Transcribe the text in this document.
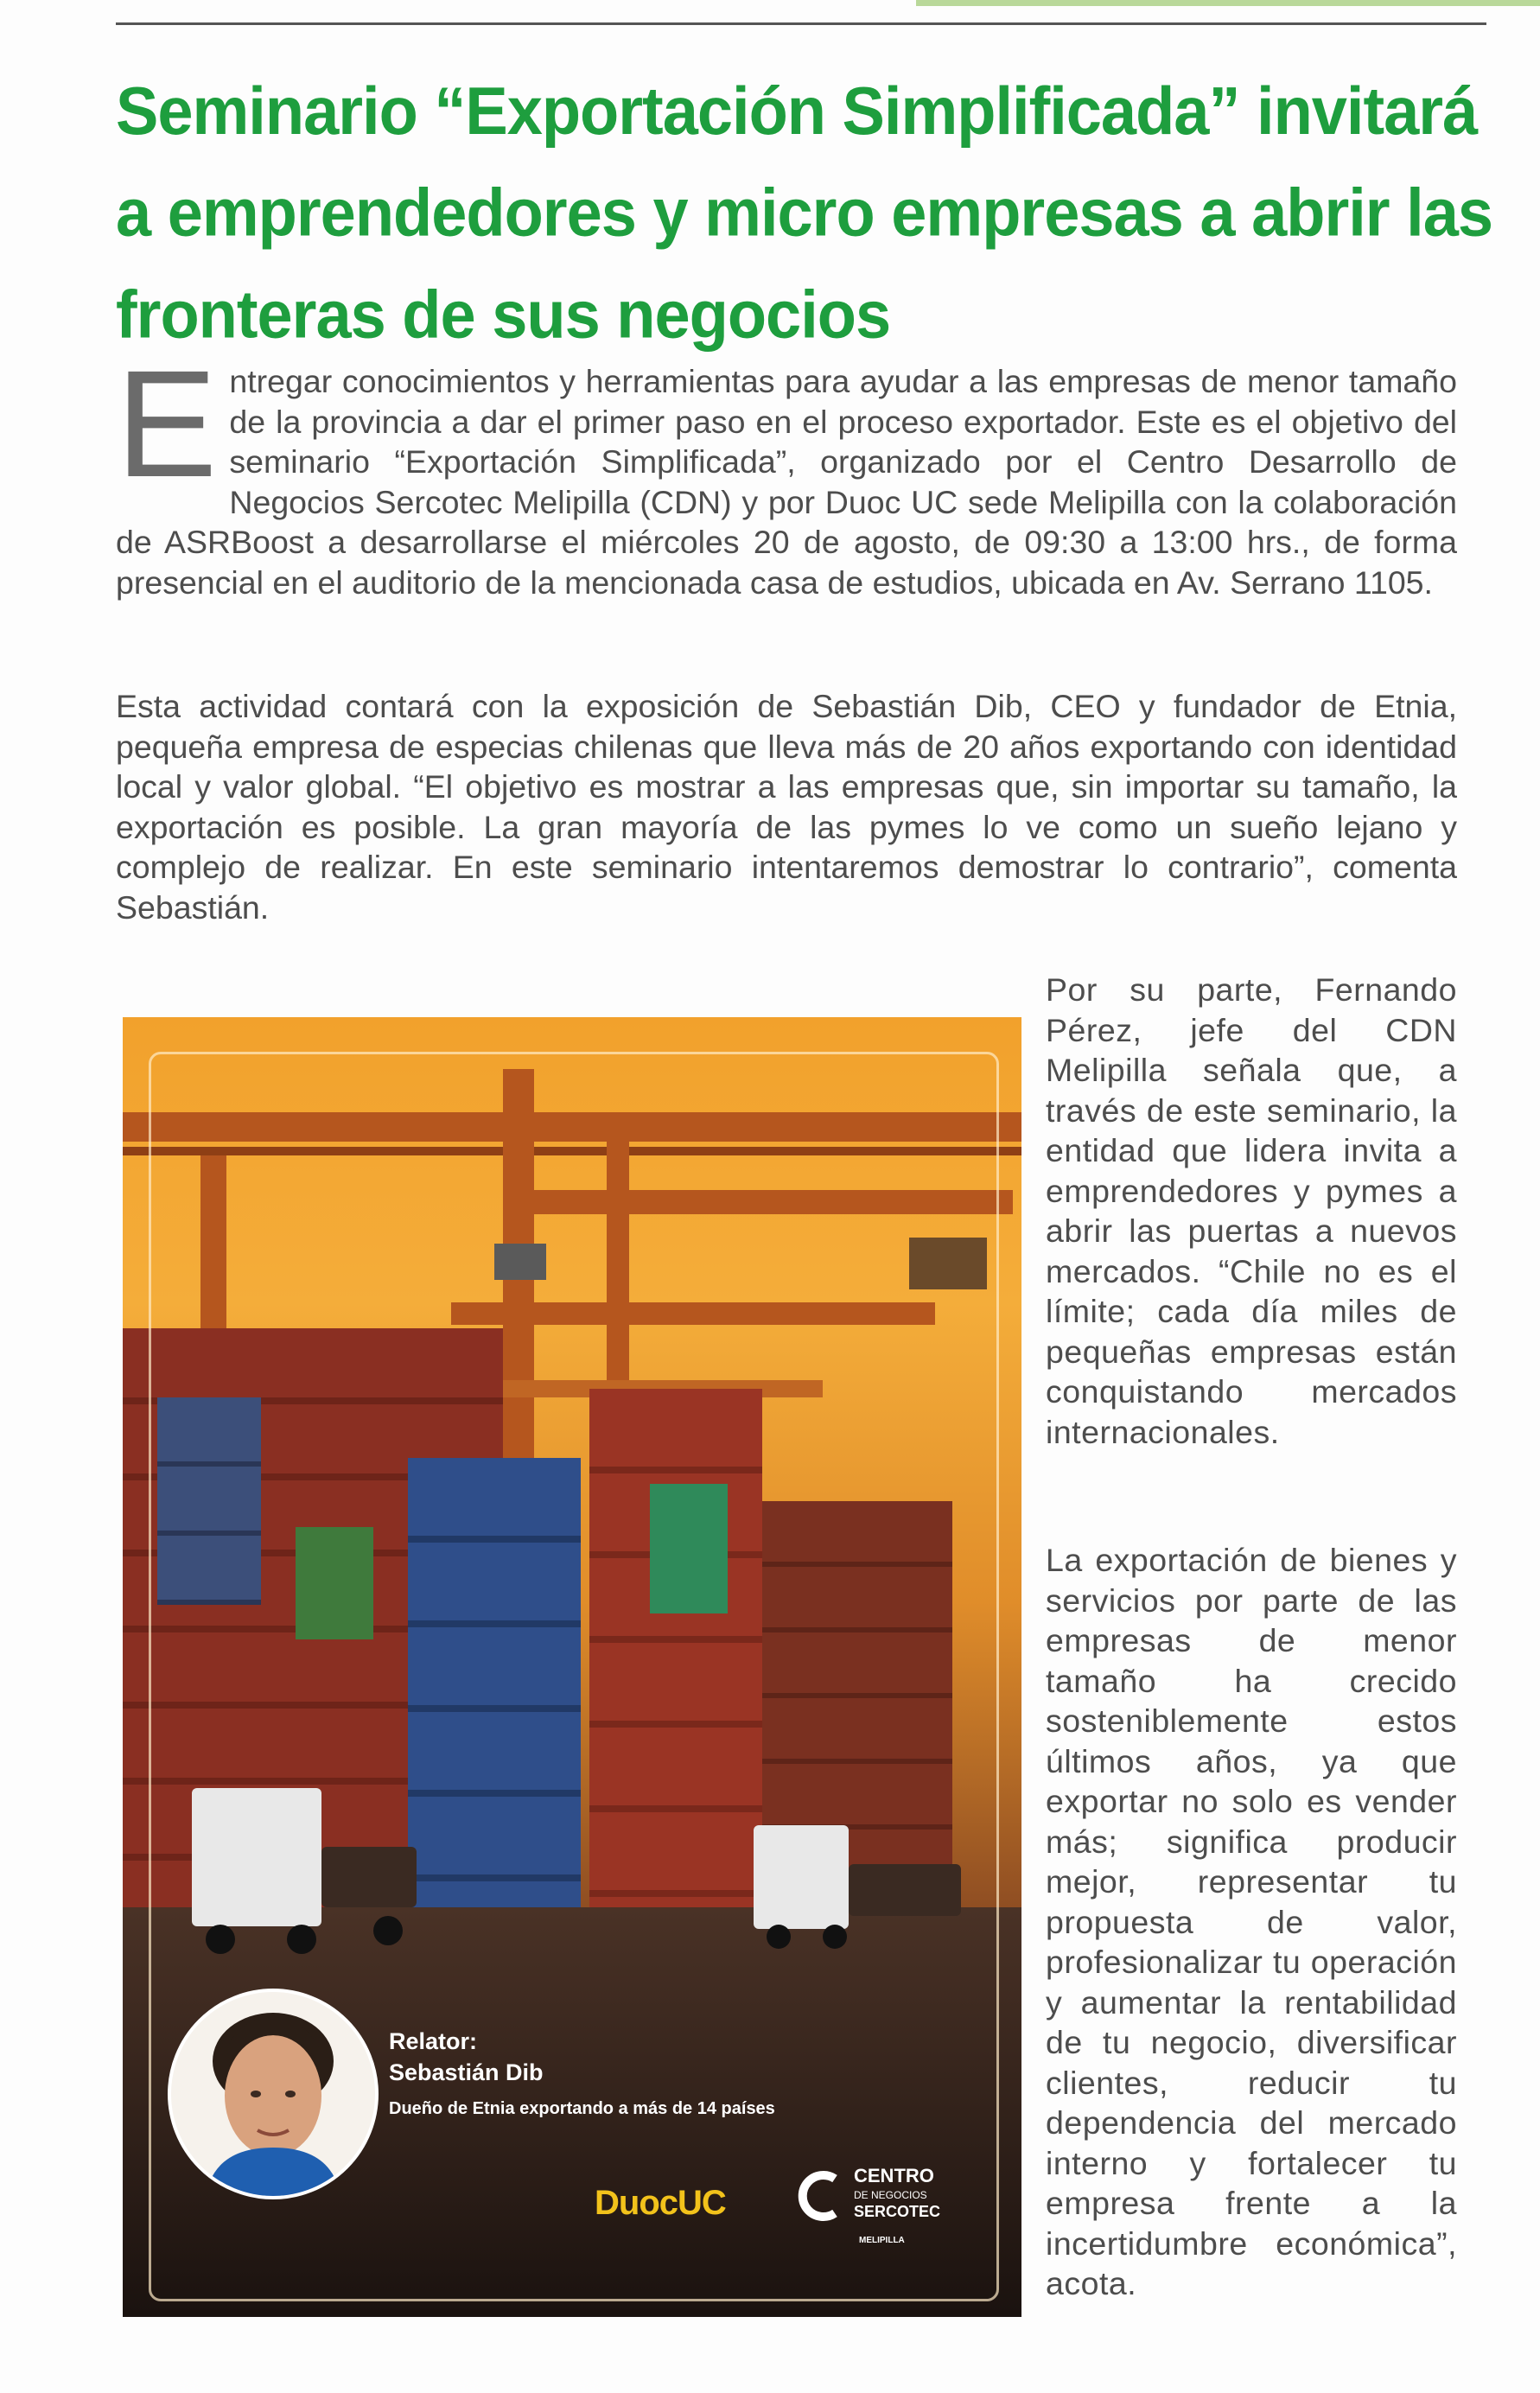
Seminario “Exportación Simplificada” invitará a emprendedores y micro empresas a abrir las fronteras de sus negocios

Entregar conocimientos y herramientas para ayudar a las empresas de menor tamaño de la provincia a dar el primer paso en el proceso exportador. Este es el objetivo del seminario “Exportación Simplificada”, organizado por el Centro Desarrollo de Negocios Sercotec Melipilla (CDN) y por Duoc UC sede Melipilla con la colaboración de ASRBoost a desarrollarse el miércoles 20 de agosto, de 09:30 a 13:00 hrs., de forma presencial en el auditorio de la mencionada casa de estudios, ubicada en Av. Serrano 1105.

Esta actividad contará con la exposición de Sebastián Dib, CEO y fundador de Etnia, pequeña empresa de especias chilenas que lleva más de 20 años exportando con identidad local y valor global. “El objetivo es mostrar a las empresas que, sin importar su tamaño, la exportación es posible. La gran mayoría de las pymes lo ve como un sueño lejano y complejo de realizar. En este seminario intentaremos demostrar lo contrario”, comenta Sebastián.

Relator:
Sebastián Dib
Dueño de Etnia exportando a más de 14 países
DuocUC
CENTRO
DE NEGOCIOS
SERCOTEC
MELIPILLA

Por su parte, Fernando Pérez, jefe del CDN Melipilla señala que, a través de este seminario, la entidad que lidera invita a emprendedores y pymes a abrir las puertas a nuevos mercados. “Chile no es el límite; cada día miles de pequeñas empresas están conquistando mercados internacionales.

La exportación de bienes y servicios por parte de las empresas de menor tamaño ha crecido sosteniblemente estos últimos años, ya que exportar no solo es vender más; significa producir mejor, representar tu propuesta de valor, profesionalizar tu operación y aumentar la rentabilidad de tu negocio, diversificar clientes, reducir tu dependencia del mercado interno y fortalecer tu empresa frente a la incertidumbre económica”, acota.
